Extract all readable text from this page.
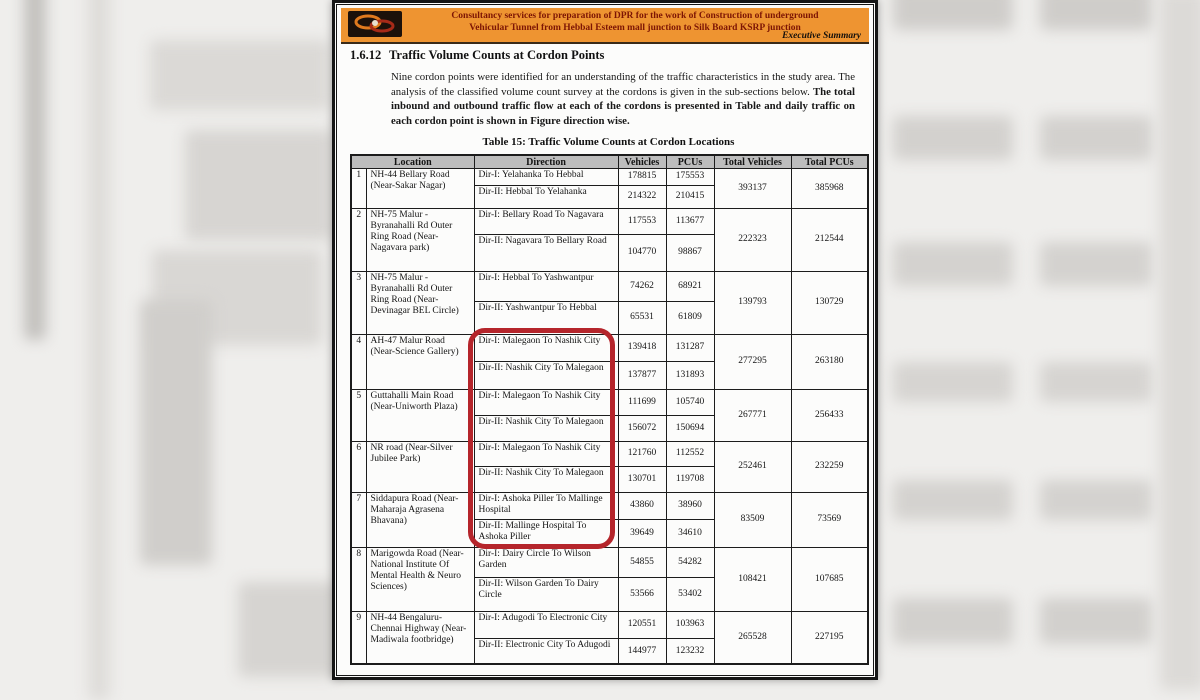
Consultancy services for preparation of DPR for the work of Construction of underground
Vehicular Tunnel from Hebbal Esteem mall junction to Silk Board KSRP junction
Executive Summary
1.6.12 Traffic Volume Counts at Cordon Points
Nine cordon points were identified for an understanding of the traffic characteristics in the study area. The analysis of the classified volume count survey at the cordons is given in the sub-sections below. The total inbound and outbound traffic flow at each of the cordons is presented in Table and daily traffic on each cordon point is shown in Figure direction wise.
Table 15: Traffic Volume Counts at Cordon Locations
Location		Direction	Vehicles	PCUs	Total Vehicles	Total PCUs
1	NH-44 Bellary Road (Near-Sakar Nagar)	Dir-I: Yelahanka To Hebbal	178815	175553	393137	385968
		Dir-II: Hebbal To Yelahanka	214322	210415		
2	NH-75 Malur - Byranahalli Rd Outer Ring Road (Near-Nagavara park)	Dir-I: Bellary Road To Nagavara	117553	113677	222323	212544
		Dir-II: Nagavara To Bellary Road	104770	98867		
3	NH-75 Malur - Byranahalli Rd Outer Ring Road (Near-Devinagar BEL Circle)	Dir-I: Hebbal To Yashwantpur	74262	68921	139793	130729
		Dir-II: Yashwantpur To Hebbal	65531	61809		
4	AH-47 Malur Road (Near-Science Gallery)	Dir-I: Malegaon To Nashik City	139418	131287	277295	263180
		Dir-II: Nashik City To Malegaon	137877	131893		
5	Guttahalli Main Road (Near-Uniworth Plaza)	Dir-I: Malegaon To Nashik City	111699	105740	267771	256433
		Dir-II: Nashik City To Malegaon	156072	150694		
6	NR road (Near-Silver Jubilee Park)	Dir-I: Malegaon To Nashik City	121760	112552	252461	232259
		Dir-II: Nashik City To Malegaon	130701	119708		
7	Siddapura Road (Near-Maharaja Agrasena Bhavana)	Dir-I: Ashoka Piller To Mallinge Hospital	43860	38960	83509	73569
		Dir-II: Mallinge Hospital To Ashoka Piller	39649	34610		
8	Marigowda Road (Near-National Institute Of Mental Health & Neuro Sciences)	Dir-I: Dairy Circle To Wilson Garden	54855	54282	108421	107685
		Dir-II: Wilson Garden To Dairy Circle	53566	53402		
9	NH-44 Bengaluru-Chennai Highway (Near-Madiwala footbridge)	Dir-I: Adugodi To Electronic City	120551	103963	265528	227195
		Dir-II: Electronic City To Adugodi	144977	123232		
